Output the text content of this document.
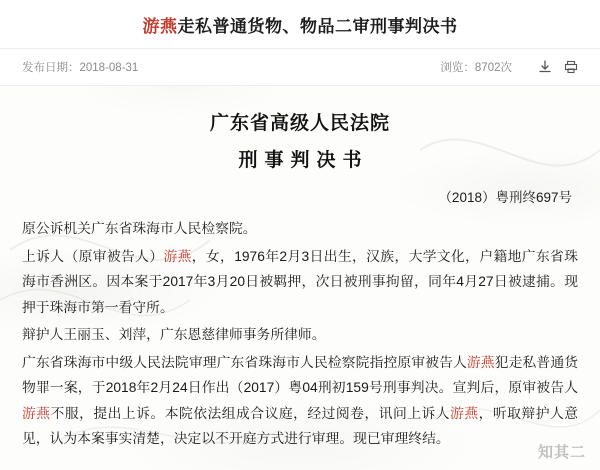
游燕走私普通货物、物品二审刑事判决书
发布日期：2018-08-31	浏览：8702次
广东省高级人民法院
刑事判决书
（2018）粤刑终697号

原公诉机关广东省珠海市人民检察院。

上诉人（原审被告人）游燕，女，1976年2月3日出生，汉族，大学文化，户籍地广东省珠海市香洲区。因本案于2017年3月20日被羁押，次日被刑事拘留，同年4月27日被逮捕。现押于珠海市第一看守所。

辩护人王丽玉、刘萍，广东恩慈律师事务所律师。

广东省珠海市中级人民法院审理广东省珠海市人民检察院指控原审被告人游燕犯走私普通货物罪一案，于2018年2月24日作出（2017）粤04刑初159号刑事判决。宣判后，原审被告人游燕不服，提出上诉。本院依法组成合议庭，经过阅卷，讯问上诉人游燕，听取辩护人意见，认为本案事实清楚，决定以不开庭方式进行审理。现已审理终结。

知其二
